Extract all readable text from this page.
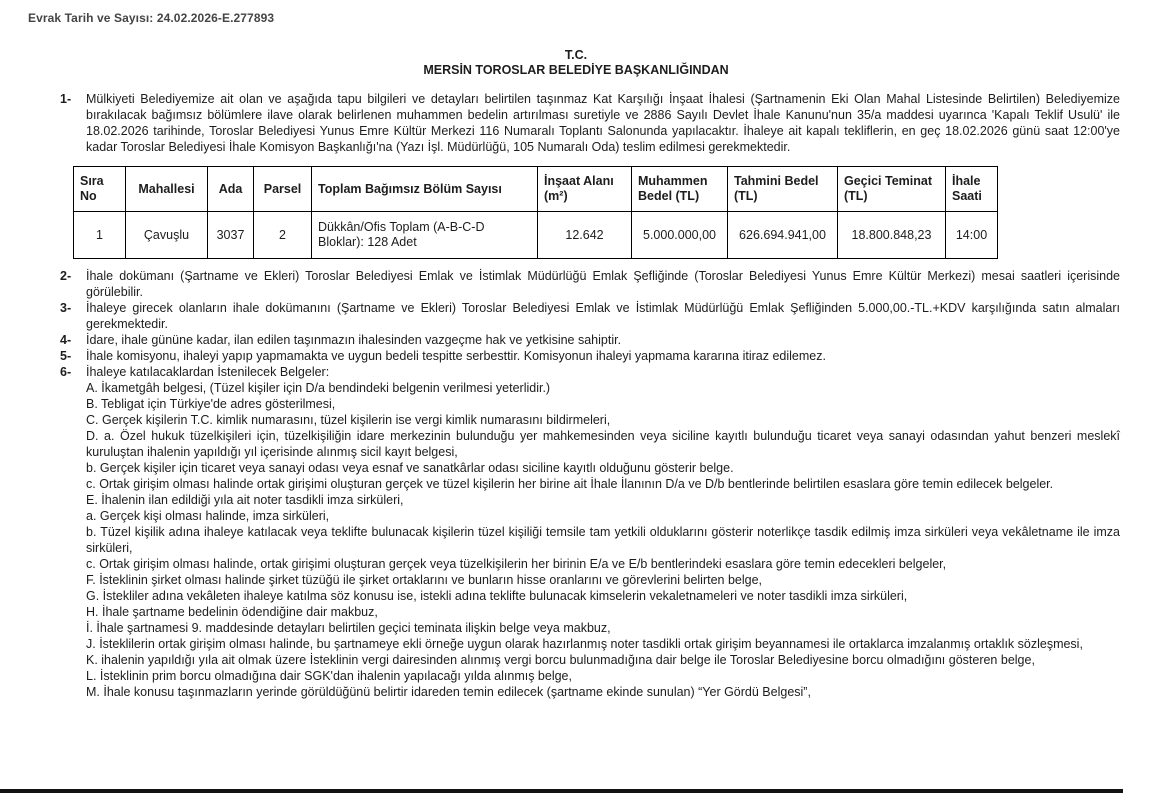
Evrak Tarih ve Sayısı: 24.02.2026-E.277893
T.C.
MERSİN TOROSLAR BELEDİYE BAŞKANLIĞINDAN
1-	Mülkiyeti Belediyemize ait olan ve aşağıda tapu bilgileri ve detayları belirtilen taşınmaz Kat Karşılığı İnşaat İhalesi (Şartnamenin Eki Olan Mahal Listesinde Belirtilen) Belediyemize bırakılacak bağımsız bölümlere ilave olarak belirlenen muhammen bedelin artırılması suretiyle ve 2886 Sayılı Devlet İhale Kanunu'nun 35/a maddesi uyarınca 'Kapalı Teklif Usulü' ile 18.02.2026 tarihinde, Toroslar Belediyesi Yunus Emre Kültür Merkezi 116 Numaralı Toplantı Salonunda yapılacaktır. İhaleye ait kapalı tekliflerin, en geç 18.02.2026 günü saat 12:00'ye kadar Toroslar Belediyesi İhale Komisyon Başkanlığı'na (Yazı İşl. Müdürlüğü, 105 Numaralı Oda) teslim edilmesi gerekmektedir.
Sıra No	Mahallesi	Ada	Parsel	Toplam Bağımsız Bölüm Sayısı	İnşaat Alanı (m²)	Muhammen Bedel (TL)	Tahmini Bedel (TL)	Geçici Teminat (TL)	İhale Saati
1	Çavuşlu	3037	2	Dükkân/Ofis Toplam (A-B-C-D Bloklar): 128 Adet	12.642	5.000.000,00	626.694.941,00	18.800.848,23	14:00
2-	İhale dokümanı (Şartname ve Ekleri) Toroslar Belediyesi Emlak ve İstimlak Müdürlüğü Emlak Şefliğinde (Toroslar Belediyesi Yunus Emre Kültür Merkezi) mesai saatleri içerisinde görülebilir.
3-	İhaleye girecek olanların ihale dokümanını (Şartname ve Ekleri) Toroslar Belediyesi Emlak ve İstimlak Müdürlüğü Emlak Şefliğinden 5.000,00.-TL.+KDV karşılığında satın almaları gerekmektedir.
4-	İdare, ihale gününe kadar, ilan edilen taşınmazın ihalesinden vazgeçme hak ve yetkisine sahiptir.
5-	İhale komisyonu, ihaleyi yapıp yapmamakta ve uygun bedeli tespitte serbesttir. Komisyonun ihaleyi yapmama kararına itiraz edilemez.
6-	İhaleye katılacaklardan İstenilecek Belgeler:
A. İkametgâh belgesi, (Tüzel kişiler için D/a bendindeki belgenin verilmesi yeterlidir.)
B. Tebligat için Türkiye'de adres gösterilmesi,
C. Gerçek kişilerin T.C. kimlik numarasını, tüzel kişilerin ise vergi kimlik numarasını bildirmeleri,
D. a. Özel hukuk tüzelkişileri için, tüzelkişiliğin idare merkezinin bulunduğu yer mahkemesinden veya siciline kayıtlı bulunduğu ticaret veya sanayi odasından yahut benzeri meslekî kuruluştan ihalenin yapıldığı yıl içerisinde alınmış sicil kayıt belgesi,
b. Gerçek kişiler için ticaret veya sanayi odası veya esnaf ve sanatkârlar odası siciline kayıtlı olduğunu gösterir belge.
c. Ortak girişim olması halinde ortak girişimi oluşturan gerçek ve tüzel kişilerin her birine ait İhale İlanının D/a ve D/b bentlerinde belirtilen esaslara göre temin edilecek belgeler.
E. İhalenin ilan edildiği yıla ait noter tasdikli imza sirküleri,
a. Gerçek kişi olması halinde, imza sirküleri,
b. Tüzel kişilik adına ihaleye katılacak veya teklifte bulunacak kişilerin tüzel kişiliği temsile tam yetkili olduklarını gösterir noterlikçe tasdik edilmiş imza sirküleri veya vekâletname ile imza sirküleri,
c. Ortak girişim olması halinde, ortak girişimi oluşturan gerçek veya tüzelkişilerin her birinin E/a ve E/b bentlerindeki esaslara göre temin edecekleri belgeler,
F. İsteklinin şirket olması halinde şirket tüzüğü ile şirket ortaklarını ve bunların hisse oranlarını ve görevlerini belirten belge,
G. İstekliler adına vekâleten ihaleye katılma söz konusu ise, istekli adına teklifte bulunacak kimselerin vekaletnameleri ve noter tasdikli imza sirküleri,
H. İhale şartname bedelinin ödendiğine dair makbuz,
İ. İhale şartnamesi 9. maddesinde detayları belirtilen geçici teminata ilişkin belge veya makbuz,
J. İsteklilerin ortak girişim olması halinde, bu şartnameye ekli örneğe uygun olarak hazırlanmış noter tasdikli ortak girişim beyannamesi ile ortaklarca imzalanmış ortaklık sözleşmesi,
K. ihalenin yapıldığı yıla ait olmak üzere İsteklinin vergi dairesinden alınmış vergi borcu bulunmadığına dair belge ile Toroslar Belediyesine borcu olmadığını gösteren belge,
L. İsteklinin prim borcu olmadığına dair SGK'dan ihalenin yapılacağı yılda alınmış belge,
M. İhale konusu taşınmazların yerinde görüldüğünü belirtir idareden temin edilecek (şartname ekinde sunulan) “Yer Gördü Belgesi”,
